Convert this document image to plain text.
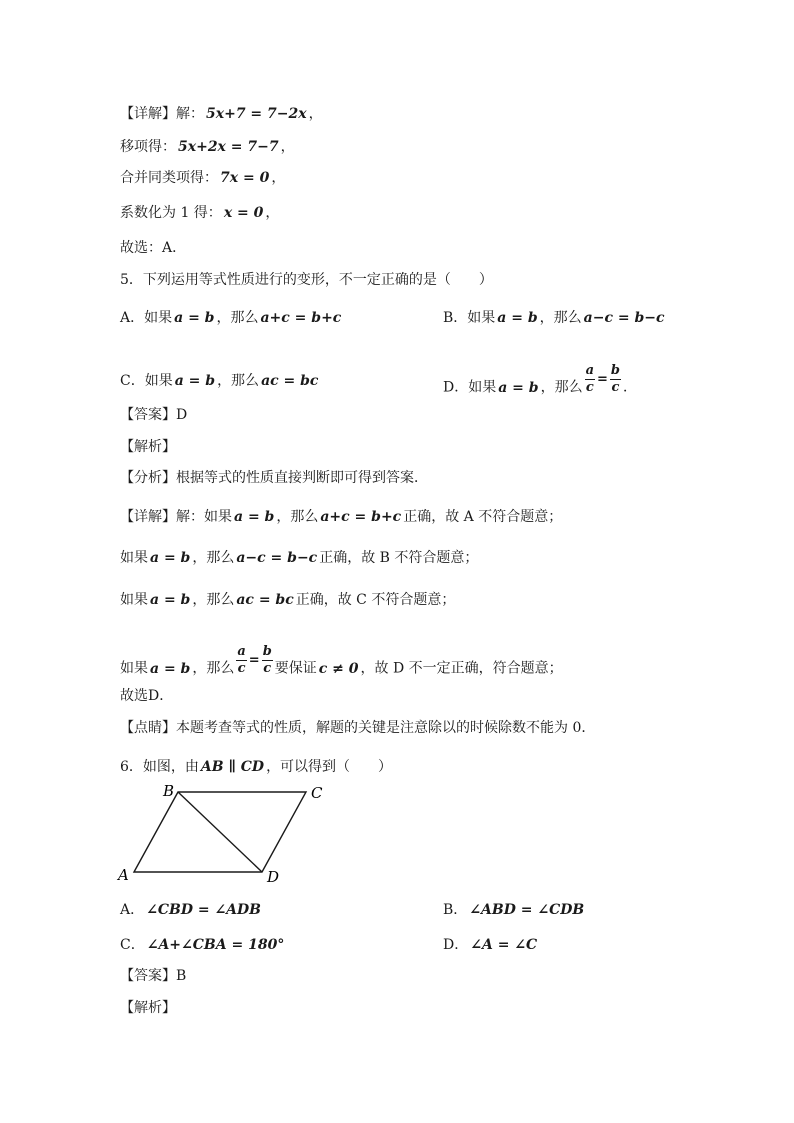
【详解】解： 5x+7 = 7−2x ，
移项得： 5x+2x = 7−7 ，
合并同类项得： 7x = 0 ，
系数化为 1 得： x = 0 ，
故选：A．
5．下列运用等式性质进行的变形，不一定正确的是（　　）
A．如果 a = b ，那么 a+c = b+c	B．如果 a = b ，那么 a−c = b−c
C．如果 a = b ，那么 ac = bc	D．如果 a = b ，那么 $\frac{a}{c} = \frac{b}{c}$ ．
【答案】D
【解析】
【分析】根据等式的性质直接判断即可得到答案．
【详解】解：如果 a = b ，那么 a+c = b+c 正确，故 A 不符合题意；
如果 a = b ，那么 a−c = b−c 正确，故 B 不符合题意；
如果 a = b ，那么 ac = bc 正确，故 C 不符合题意；
如果 a = b ，那么 $\frac{a}{c} = \frac{b}{c}$ 要保证 c ≠ 0 ，故 D 不一定正确，符合题意；
故选D．
【点睛】本题考查等式的性质，解题的关键是注意除以的时候除数不能为 0．
6．如图，由 AB ∥ CD ，可以得到（　　）
A
B	C
D
A． ∠CBD = ∠ADB	B． ∠ABD = ∠CDB
C． ∠A+∠CBA = 180°	D． ∠A = ∠C
【答案】B
【解析】
